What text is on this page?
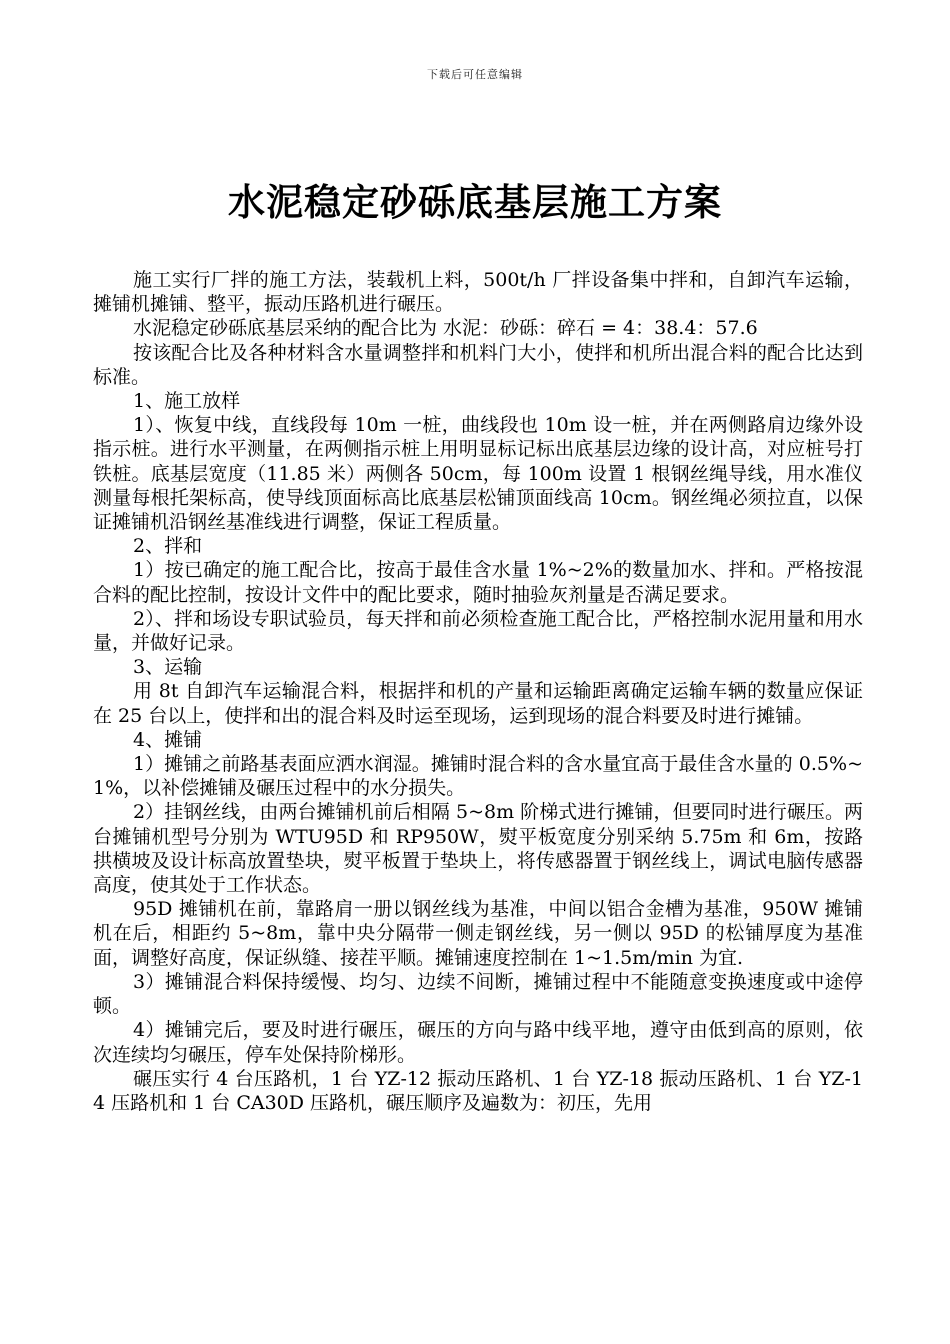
下载后可任意编辑
水泥稳定砂砾底基层施工方案

施工实行厂拌的施工方法，装载机上料，500t/h 厂拌设备集中拌和，自卸汽车运输，摊铺机摊铺、整平，振动压路机进行碾压。

水泥稳定砂砾底基层采纳的配合比为 水泥：砂砾：碎石 = 4：38.4：57.6

按该配合比及各种材料含水量调整拌和机料门大小，使拌和机所出混合料的配合比达到标准。

1、施工放样

1）、恢复中线，直线段每 10m 一桩，曲线段也 10m 设一桩，并在两侧路肩边缘外设指示桩。进行水平测量，在两侧指示桩上用明显标记标出底基层边缘的设计高，对应桩号打铁桩。底基层宽度（11.85 米）两侧各 50cm，每 100m 设置 1 根钢丝绳导线，用水准仪测量每根托架标高，使导线顶面标高比底基层松铺顶面线高 10cm。钢丝绳必须拉直，以保证摊铺机沿钢丝基准线进行调整，保证工程质量。

2、拌和

1）按已确定的施工配合比，按高于最佳含水量 1%~2%的数量加水、拌和。严格按混合料的配比控制，按设计文件中的配比要求，随时抽验灰剂量是否满足要求。

2）、拌和场设专职试验员，每天拌和前必须检查施工配合比，严格控制水泥用量和用水量，并做好记录。

3、运输

用 8t 自卸汽车运输混合料，根据拌和机的产量和运输距离确定运输车辆的数量应保证在 25 台以上，使拌和出的混合料及时运至现场，运到现场的混合料要及时进行摊铺。

4、摊铺

1）摊铺之前路基表面应洒水润湿。摊铺时混合料的含水量宜高于最佳含水量的 0.5%~1%，以补偿摊铺及碾压过程中的水分损失。

2）挂钢丝线，由两台摊铺机前后相隔 5~8m 阶梯式进行摊铺，但要同时进行碾压。两台摊铺机型号分别为 WTU95D 和 RP950W，熨平板宽度分别采纳 5.75m 和 6m，按路拱横坡及设计标高放置垫块，熨平板置于垫块上，将传感器置于钢丝线上，调试电脑传感器高度，使其处于工作状态。

95D 摊铺机在前，靠路肩一册以钢丝线为基准，中间以铝合金槽为基准，950W 摊铺机在后，相距约 5~8m，靠中央分隔带一侧走钢丝线，另一侧以 95D 的松铺厚度为基准面，调整好高度，保证纵缝、接茬平顺。摊铺速度控制在 1~1.5m/min 为宜.

3）摊铺混合料保持缓慢、均匀、边续不间断，摊铺过程中不能随意变换速度或中途停顿。

4）摊铺完后，要及时进行碾压，碾压的方向与路中线平地，遵守由低到高的原则，依次连续均匀碾压，停车处保持阶梯形。

碾压实行 4 台压路机，1 台 YZ-12 振动压路机、1 台 YZ-18 振动压路机、1 台 YZ-14 压路机和 1 台 CA30D 压路机，碾压顺序及遍数为：初压，先用
